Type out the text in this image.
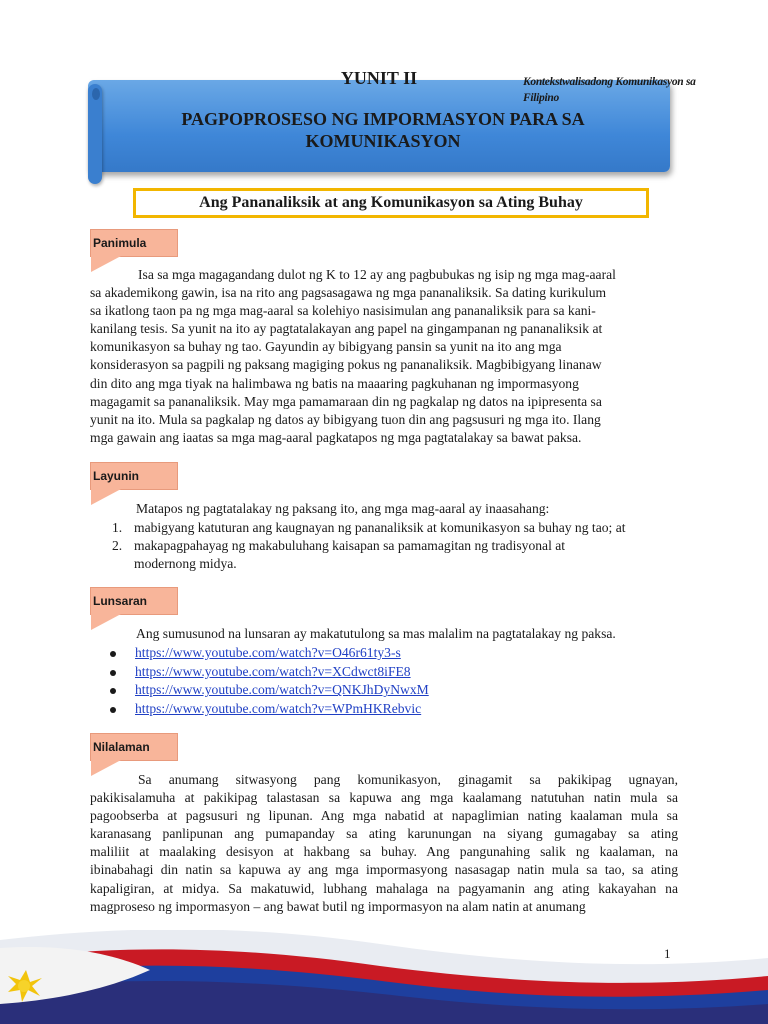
YUNIT II
PAGPOPROSESO NG IMPORMASYON PARA SA
KOMUNIKASYON
Kontekstwalisadong Komunikasyon sa
Filipino
Ang Pananaliksik at ang Komunikasyon sa Ating Buhay
Panimula
Isa sa mga magagandang dulot ng K to 12 ay ang pagbubukas ng isip ng mga mag-aaral
sa akademikong gawin, isa na rito ang pagsasagawa ng mga pananaliksik. Sa dating kurikulum
sa ikatlong taon pa ng mga mag-aaral sa kolehiyo nasisimulan ang pananaliksik para sa kani-
kanilang tesis. Sa yunit na ito ay pagtatalakayan ang papel na gingampanan ng pananaliksik at
komunikasyon sa buhay ng tao. Gayundin ay bibigyang pansin sa yunit na ito ang mga
konsiderasyon sa pagpili ng paksang magiging pokus ng pananaliksik. Magbibigyang linanaw
din dito ang mga tiyak na halimbawa ng batis na maaaring pagkuhanan ng impormasyong
magagamit sa pananaliksik. May mga pamamaraan din ng pagkalap ng datos na ipipresenta sa
yunit na ito. Mula sa pagkalap ng datos ay bibigyang tuon din ang pagsusuri ng mga ito. Ilang
mga gawain ang iaatas sa mga mag-aaral pagkatapos ng mga pagtatalakay sa bawat paksa.
Layunin
Matapos ng pagtatalakay ng paksang ito, ang mga mag-aaral ay inaasahang:
1. mabigyang katuturan ang kaugnayan ng pananaliksik at komunikasyon sa buhay ng tao; at
2. makapagpahayag ng makabuluhang kaisapan sa pamamagitan ng tradisyonal at
modernong midya.
Lunsaran
Ang sumusunod na lunsaran ay makatutulong sa mas malalim na pagtatalakay ng paksa.
https://www.youtube.com/watch?v=O46r61ty3-s
https://www.youtube.com/watch?v=XCdwct8iFE8
https://www.youtube.com/watch?v=QNKJhDyNwxM
https://www.youtube.com/watch?v=WPmHKRebvic
Nilalaman
Sa anumang sitwasyong pang komunikasyon, ginagamit sa pakikipag ugnayan,
pakikisalamuha at pakikipag talastasan sa kapuwa ang mga kaalamang natutuhan natin mula sa
pagoobserba at pagsusuri ng lipunan. Ang mga nabatid at napaglimian nating kaalaman mula sa
karanasang panlipunan ang pumapanday sa ating karunungan na siyang gumagabay sa ating
maliliit at maalaking desisyon at hakbang sa buhay. Ang pangunahing salik ng kaalaman, na
ibinabahagi din natin sa kapuwa ay ang mga impormasyong nasasagap natin mula sa tao, sa ating
kapaligiran, at midya. Sa makatuwid, lubhang mahalaga na pagyamanin ang ating kakayahan na
magproseso ng impormasyon – ang bawat butil ng impormasyon na alam natin at anumang
1
